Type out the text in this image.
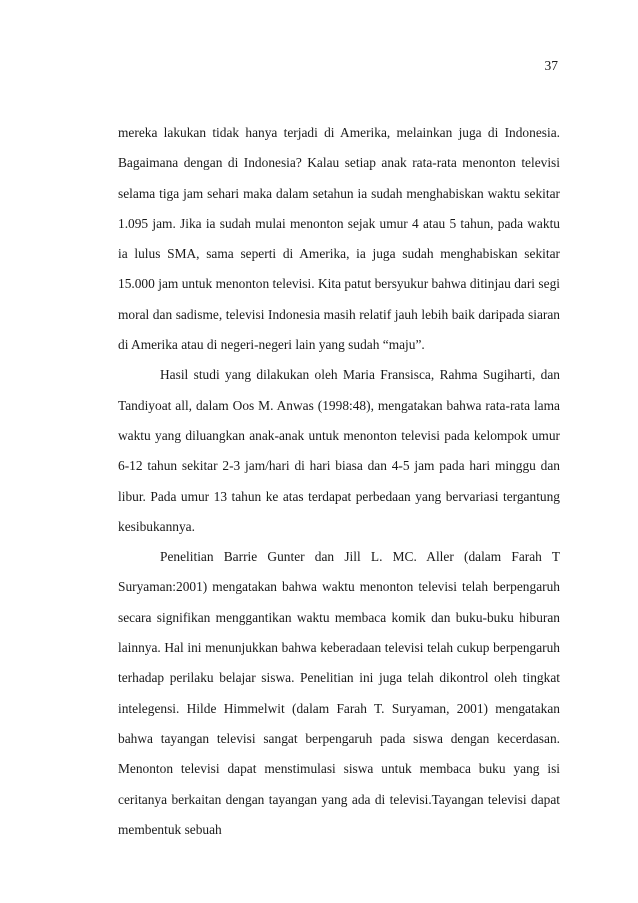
37

mereka lakukan tidak hanya terjadi di Amerika, melainkan juga di Indonesia. Bagaimana dengan di Indonesia? Kalau setiap anak rata-rata menonton televisi selama tiga jam sehari maka dalam setahun ia sudah menghabiskan waktu sekitar 1.095 jam. Jika ia sudah mulai menonton sejak umur 4 atau 5 tahun, pada waktu ia lulus SMA, sama seperti di Amerika, ia juga sudah menghabiskan sekitar 15.000 jam untuk menonton televisi. Kita patut bersyukur bahwa ditinjau dari segi moral dan sadisme, televisi Indonesia masih relatif jauh lebih baik daripada siaran di Amerika atau di negeri-negeri lain yang sudah “maju”.

Hasil studi yang dilakukan oleh Maria Fransisca, Rahma Sugiharti, dan Tandiyoat all, dalam Oos M. Anwas (1998:48), mengatakan bahwa rata-rata lama waktu yang diluangkan anak-anak untuk menonton televisi pada kelompok umur 6-12 tahun sekitar 2-3 jam/hari di hari biasa dan 4-5 jam pada hari minggu dan libur. Pada umur 13 tahun ke atas terdapat perbedaan yang bervariasi tergantung kesibukannya.

Penelitian Barrie Gunter dan Jill L. MC. Aller (dalam Farah T Suryaman:2001) mengatakan bahwa waktu menonton televisi telah berpengaruh secara signifikan menggantikan waktu membaca komik dan buku-buku hiburan lainnya. Hal ini menunjukkan bahwa keberadaan televisi telah cukup berpengaruh terhadap perilaku belajar siswa. Penelitian ini juga telah dikontrol oleh tingkat intelegensi. Hilde Himmelwit (dalam Farah T. Suryaman, 2001) mengatakan bahwa tayangan televisi sangat berpengaruh pada siswa dengan kecerdasan. Menonton televisi dapat menstimulasi siswa untuk membaca buku yang isi ceritanya berkaitan dengan tayangan yang ada di televisi.Tayangan televisi dapat membentuk sebuah
